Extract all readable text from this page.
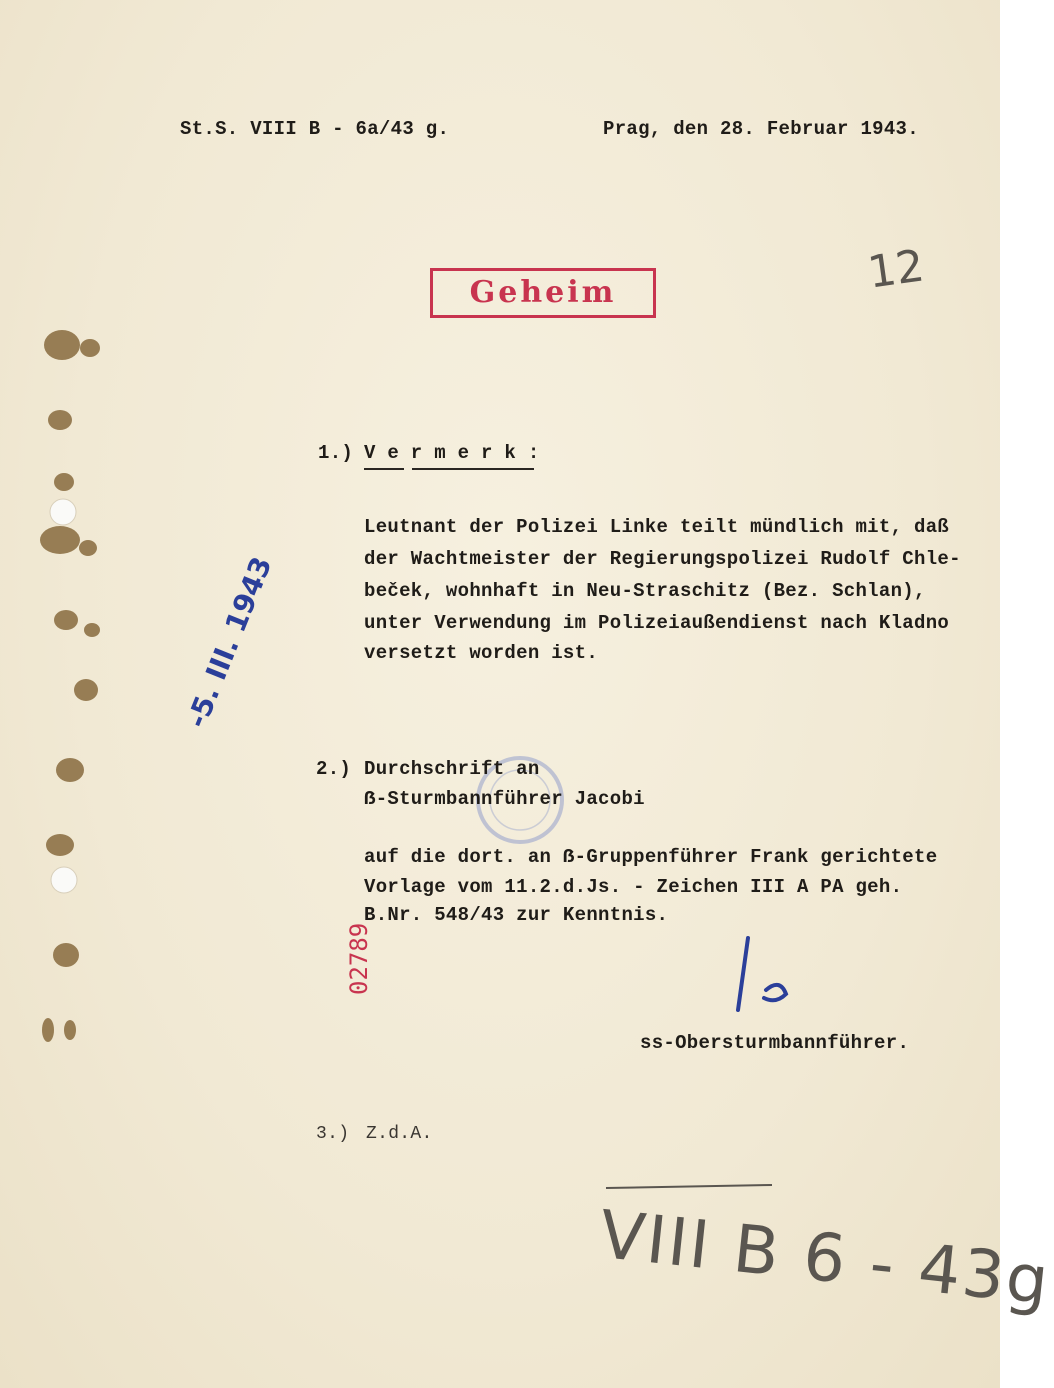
St.S. VIII B - 6a/43 g.	Prag, den 28. Februar 1943.
12
Geheim
1.) V e r m e r k :
Leutnant der Polizei Linke teilt mündlich mit, daß
der Wachtmeister der Regierungspolizei Rudolf Chle-
beček, wohnhaft in Neu-Straschitz (Bez. Schlan),
unter Verwendung im Polizeiaußendienst nach Kladno
versetzt worden ist.
-5. III. 1943
2.) Durchschrift an
ẞ-Sturmbannführer Jacobi
auf die dort. an ẞ-Gruppenführer Frank gerichtete
Vorlage vom 11.2.d.Js. - Zeichen III A PA geh.
B.Nr. 548/43 zur Kenntnis.
02789
ss-Obersturmbannführer.
3.) Z.d.A.
VIII B 6 - 43g
